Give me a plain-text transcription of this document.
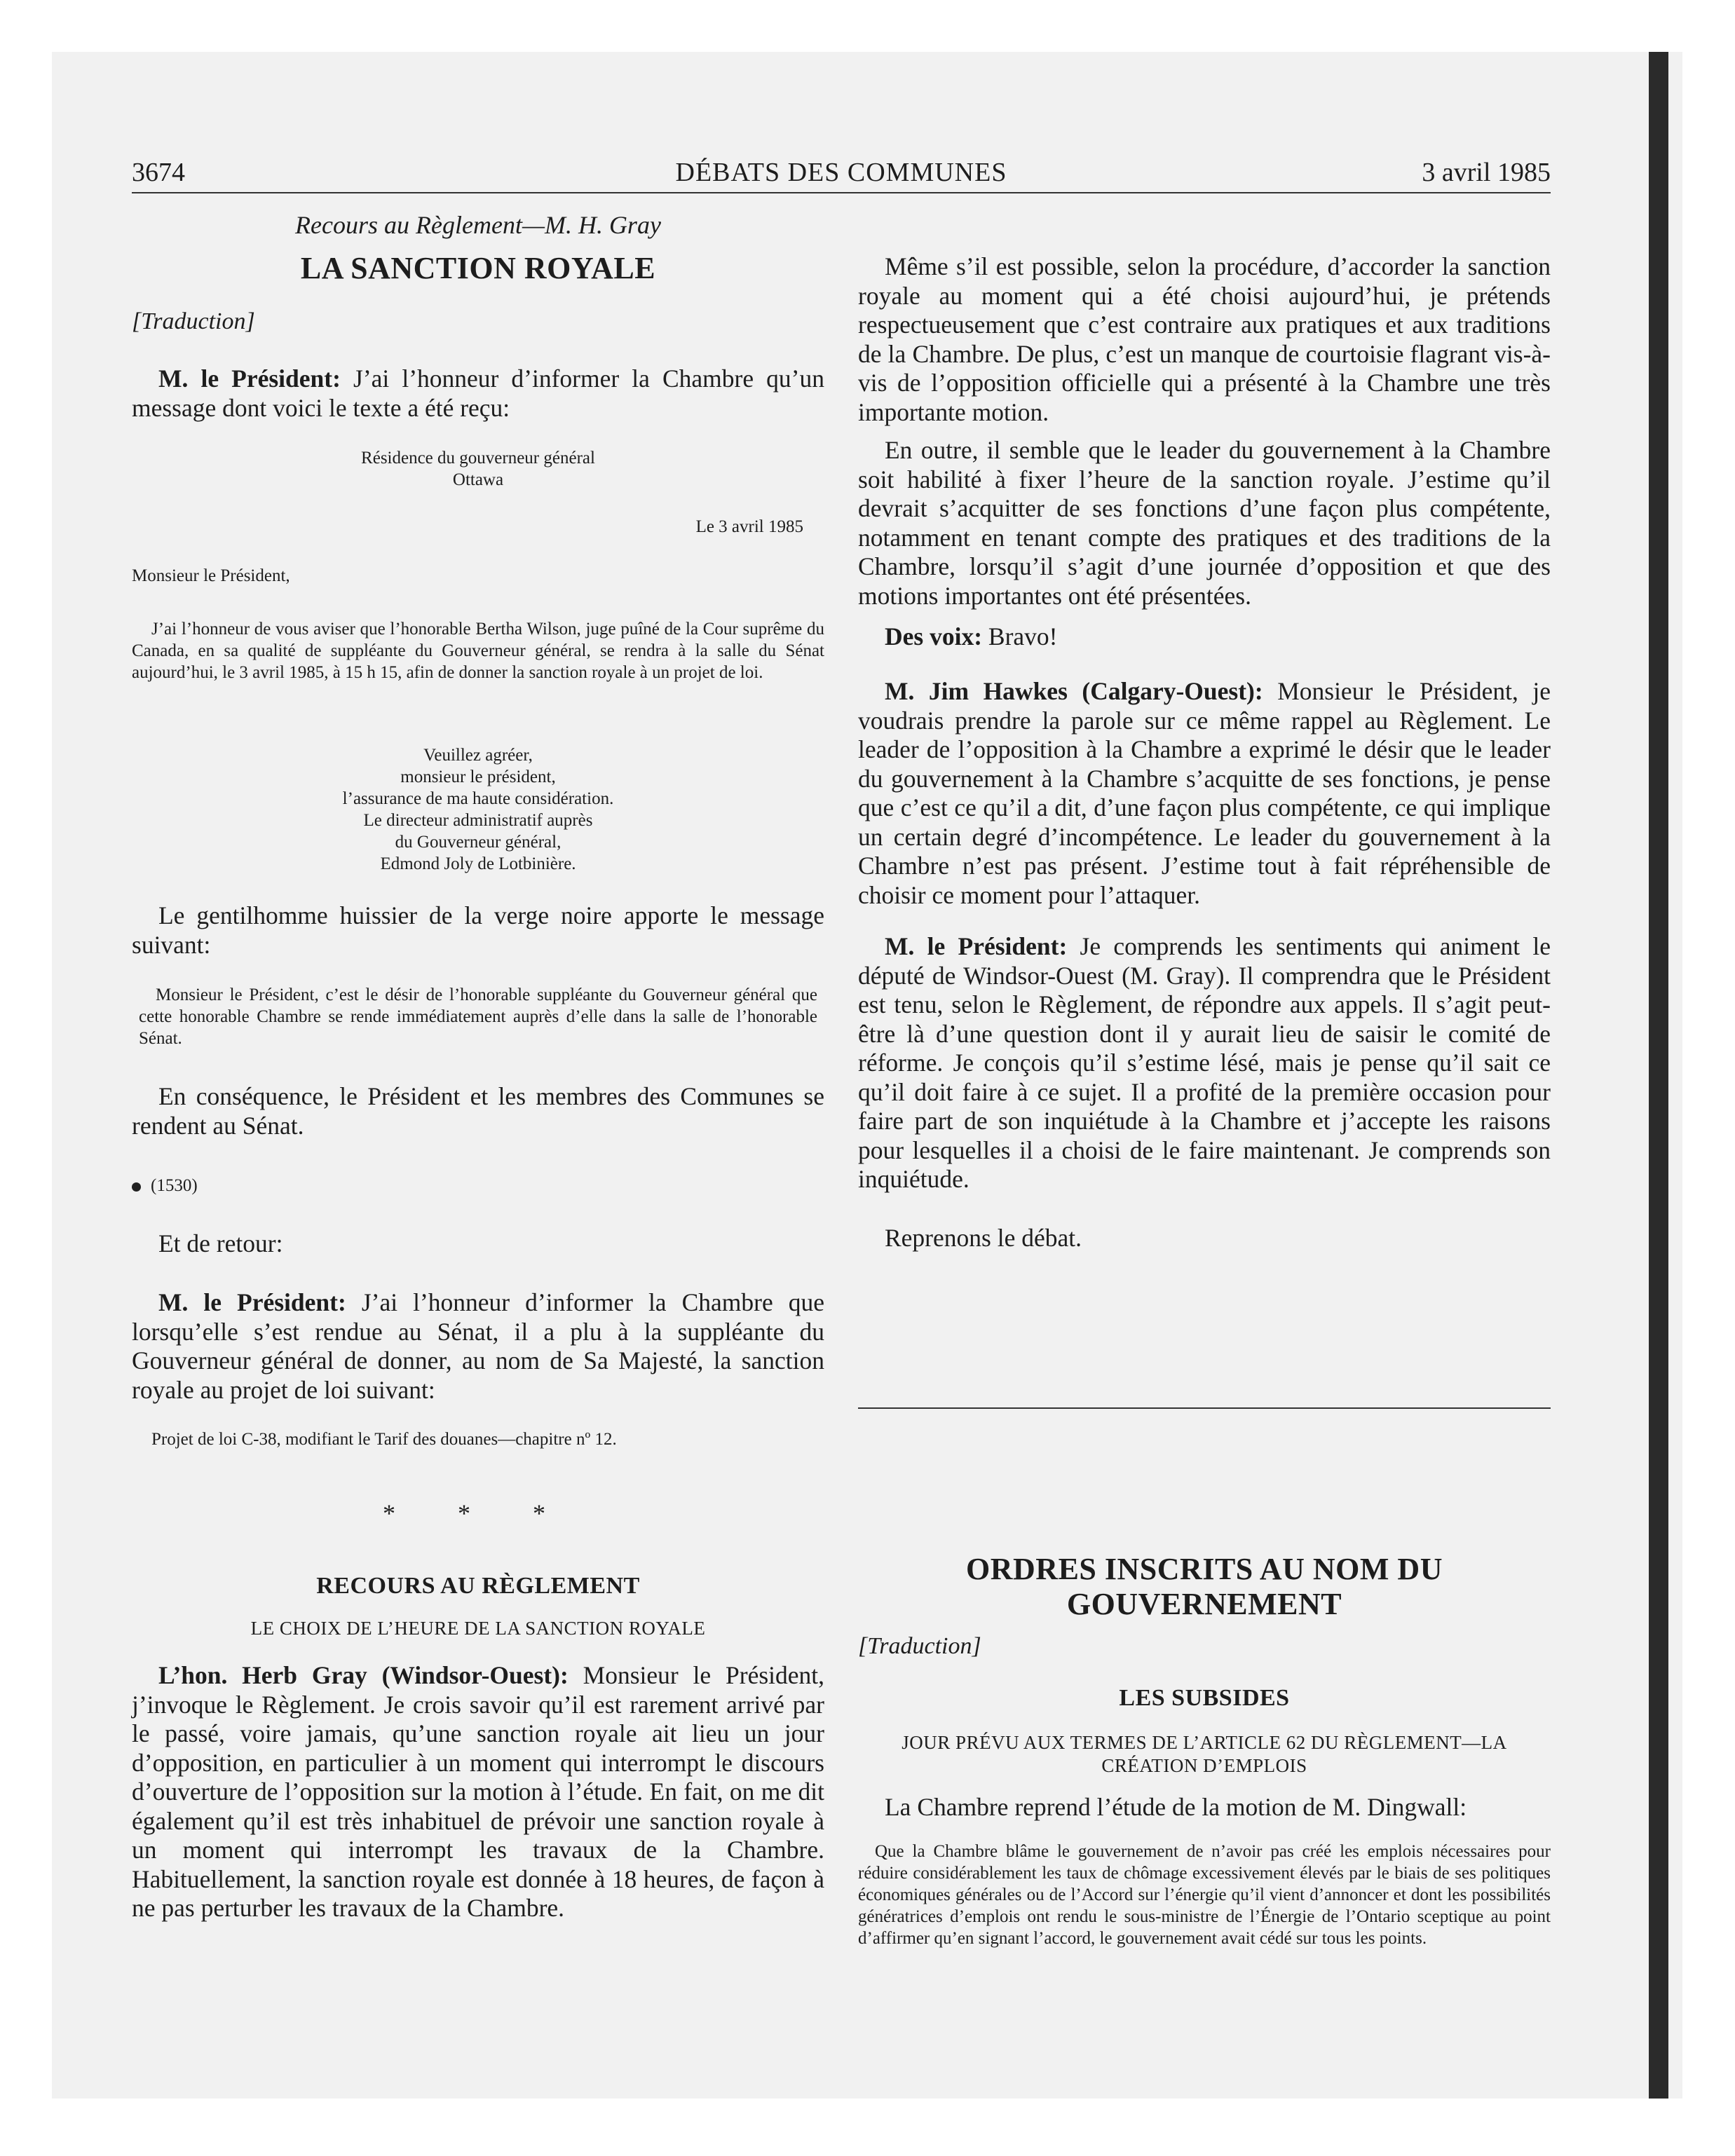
3674	DÉBATS DES COMMUNES	3 avril 1985

Recours au Règlement—M. H. Gray

LA SANCTION ROYALE

[Traduction]

M. le Président: J’ai l’honneur d’informer la Chambre qu’un message dont voici le texte a été reçu:

Résidence du gouverneur général
Ottawa
Le 3 avril 1985
Monsieur le Président,

J’ai l’honneur de vous aviser que l’honorable Bertha Wilson, juge puîné de la Cour suprême du Canada, en sa qualité de suppléante du Gouverneur général, se rendra à la salle du Sénat aujourd’hui, le 3 avril 1985, à 15 h 15, afin de donner la sanction royale à un projet de loi.

Veuillez agréer,
monsieur le président,
l’assurance de ma haute considération.
Le directeur administratif auprès
du Gouverneur général,
Edmond Joly de Lotbinière.

Le gentilhomme huissier de la verge noire apporte le message suivant:

Monsieur le Président, c’est le désir de l’honorable suppléante du Gouverneur général que cette honorable Chambre se rende immédiatement auprès d’elle dans la salle de l’honorable Sénat.

En conséquence, le Président et les membres des Communes se rendent au Sénat.

(1530)

Et de retour:

M. le Président: J’ai l’honneur d’informer la Chambre que lorsqu’elle s’est rendue au Sénat, il a plu à la suppléante du Gouverneur général de donner, au nom de Sa Majesté, la sanction royale au projet de loi suivant:

Projet de loi C-38, modifiant le Tarif des douanes—chapitre nº 12.

* * *

RECOURS AU RÈGLEMENT

LE CHOIX DE L’HEURE DE LA SANCTION ROYALE

L’hon. Herb Gray (Windsor-Ouest): Monsieur le Président, j’invoque le Règlement. Je crois savoir qu’il est rarement arrivé par le passé, voire jamais, qu’une sanction royale ait lieu un jour d’opposition, en particulier à un moment qui interrompt le discours d’ouverture de l’opposition sur la motion à l’étude. En fait, on me dit également qu’il est très inhabituel de prévoir une sanction royale à un moment qui interrompt les travaux de la Chambre. Habituellement, la sanction royale est donnée à 18 heures, de façon à ne pas perturber les travaux de la Chambre.

Même s’il est possible, selon la procédure, d’accorder la sanction royale au moment qui a été choisi aujourd’hui, je prétends respectueusement que c’est contraire aux pratiques et aux traditions de la Chambre. De plus, c’est un manque de courtoisie flagrant vis-à-vis de l’opposition officielle qui a présenté à la Chambre une très importante motion.

En outre, il semble que le leader du gouvernement à la Chambre soit habilité à fixer l’heure de la sanction royale. J’estime qu’il devrait s’acquitter de ses fonctions d’une façon plus compétente, notamment en tenant compte des pratiques et des traditions de la Chambre, lorsqu’il s’agit d’une journée d’opposition et que des motions importantes ont été présentées.

Des voix: Bravo!

M. Jim Hawkes (Calgary-Ouest): Monsieur le Président, je voudrais prendre la parole sur ce même rappel au Règlement. Le leader de l’opposition à la Chambre a exprimé le désir que le leader du gouvernement à la Chambre s’acquitte de ses fonctions, je pense que c’est ce qu’il a dit, d’une façon plus compétente, ce qui implique un certain degré d’incompétence. Le leader du gouvernement à la Chambre n’est pas présent. J’estime tout à fait répréhensible de choisir ce moment pour l’attaquer.

M. le Président: Je comprends les sentiments qui animent le député de Windsor-Ouest (M. Gray). Il comprendra que le Président est tenu, selon le Règlement, de répondre aux appels. Il s’agit peut-être là d’une question dont il y aurait lieu de saisir le comité de réforme. Je conçois qu’il s’estime lésé, mais je pense qu’il sait ce qu’il doit faire à ce sujet. Il a profité de la première occasion pour faire part de son inquiétude à la Chambre et j’accepte les raisons pour lesquelles il a choisi de le faire maintenant. Je comprends son inquiétude.

Reprenons le débat.

ORDRES INSCRITS AU NOM DU
GOUVERNEMENT

[Traduction]

LES SUBSIDES

JOUR PRÉVU AUX TERMES DE L’ARTICLE 62 DU RÈGLEMENT—LA
CRÉATION D’EMPLOIS

La Chambre reprend l’étude de la motion de M. Dingwall:

Que la Chambre blâme le gouvernement de n’avoir pas créé les emplois nécessaires pour réduire considérablement les taux de chômage excessivement élevés par le biais de ses politiques économiques générales ou de l’Accord sur l’énergie qu’il vient d’annoncer et dont les possibilités génératrices d’emplois ont rendu le sous-ministre de l’Énergie de l’Ontario sceptique au point d’affirmer qu’en signant l’accord, le gouvernement avait cédé sur tous les points.
